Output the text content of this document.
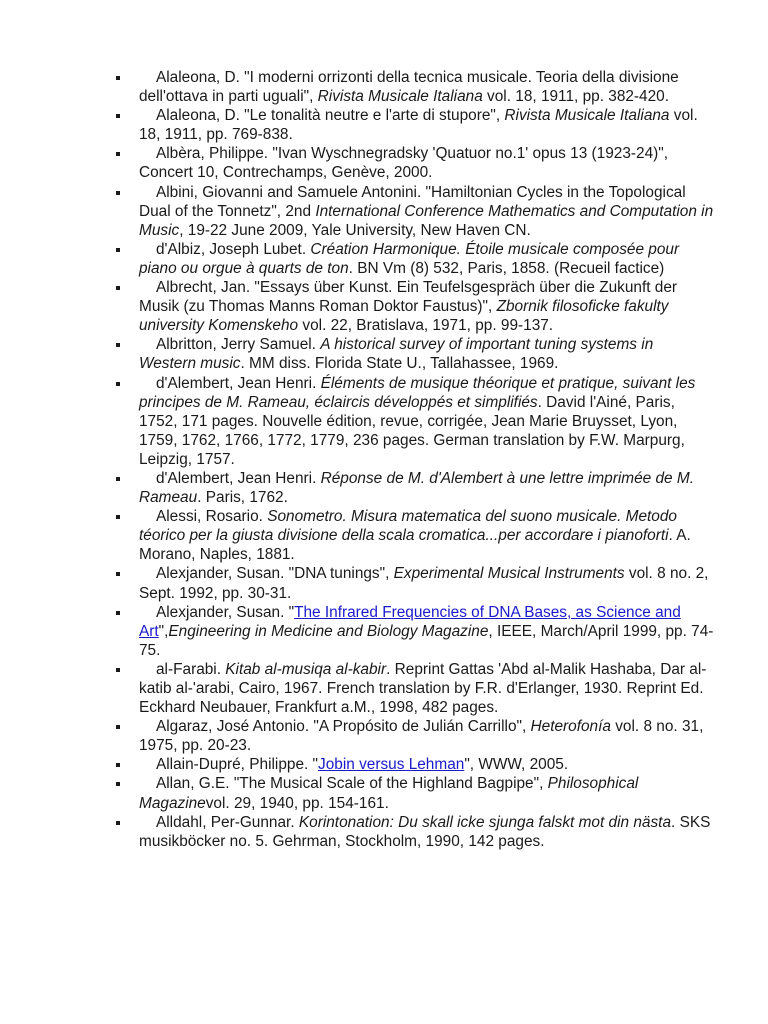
Alaleona, D. "I moderni orrizonti della tecnica musicale. Teoria della divisione dell'ottava in parti uguali", Rivista Musicale Italiana vol. 18, 1911, pp. 382-420.
Alaleona, D. "Le tonalità neutre e l'arte di stupore", Rivista Musicale Italiana vol. 18, 1911, pp. 769-838.
Albèra, Philippe. "Ivan Wyschnegradsky 'Quatuor no.1' opus 13 (1923-24)", Concert 10, Contrechamps, Genève, 2000.
Albini, Giovanni and Samuele Antonini. "Hamiltonian Cycles in the Topological Dual of the Tonnetz", 2nd International Conference Mathematics and Computation in Music, 19-22 June 2009, Yale University, New Haven CN.
d'Albiz, Joseph Lubet. Création Harmonique. Étoile musicale composée pour piano ou orgue à quarts de ton. BN Vm (8) 532, Paris, 1858. (Recueil factice)
Albrecht, Jan. "Essays über Kunst. Ein Teufelsgespräch über die Zukunft der Musik (zu Thomas Manns Roman Doktor Faustus)", Zbornik filosoficke fakulty university Komenskeho vol. 22, Bratislava, 1971, pp. 99-137.
Albritton, Jerry Samuel. A historical survey of important tuning systems in Western music. MM diss. Florida State U., Tallahassee, 1969.
d'Alembert, Jean Henri. Éléments de musique théorique et pratique, suivant les principes de M. Rameau, éclaircis développés et simplifiés. David l'Ainé, Paris, 1752, 171 pages. Nouvelle édition, revue, corrigée, Jean Marie Bruysset, Lyon, 1759, 1762, 1766, 1772, 1779, 236 pages. German translation by F.W. Marpurg, Leipzig, 1757.
d'Alembert, Jean Henri. Réponse de M. d'Alembert à une lettre imprimée de M. Rameau. Paris, 1762.
Alessi, Rosario. Sonometro. Misura matematica del suono musicale. Metodo téorico per la giusta divisione della scala cromatica...per accordare i pianoforti. A. Morano, Naples, 1881.
Alexjander, Susan. "DNA tunings", Experimental Musical Instruments vol. 8 no. 2, Sept. 1992, pp. 30-31.
Alexjander, Susan. "The Infrared Frequencies of DNA Bases, as Science and Art",Engineering in Medicine and Biology Magazine, IEEE, March/April 1999, pp. 74-75.
al-Farabi. Kitab al-musiqa al-kabir. Reprint Gattas 'Abd al-Malik Hashaba, Dar al-katib al-'arabi, Cairo, 1967. French translation by F.R. d'Erlanger, 1930. Reprint Ed. Eckhard Neubauer, Frankfurt a.M., 1998, 482 pages.
Algaraz, José Antonio. "A Propósito de Julián Carrillo", Heterofonía vol. 8 no. 31, 1975, pp. 20-23.
Allain-Dupré, Philippe. "Jobin versus Lehman", WWW, 2005.
Allan, G.E. "The Musical Scale of the Highland Bagpipe", Philosophical Magazinevol. 29, 1940, pp. 154-161.
Alldahl, Per-Gunnar. Korintonation: Du skall icke sjunga falskt mot din nästa. SKS musikböcker no. 5. Gehrman, Stockholm, 1990, 142 pages.
